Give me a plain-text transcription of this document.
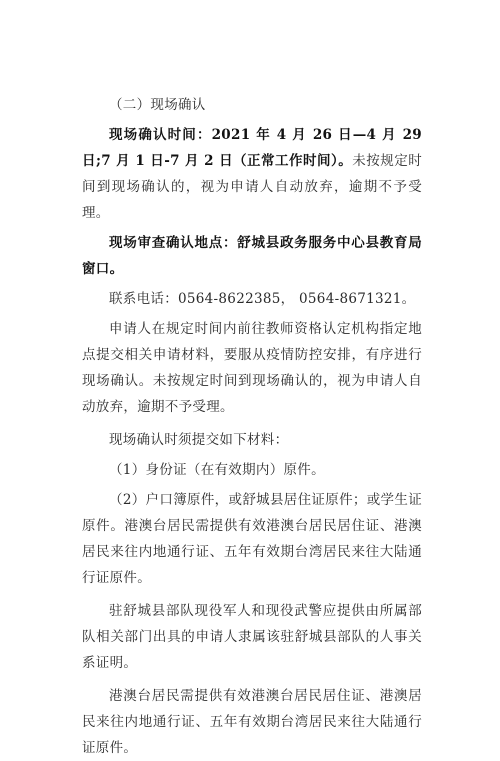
（二）现场确认

现场确认时间：2021 年 4 月 26 日—4 月 29 日;7 月 1 日-7 月 2 日（正常工作时间）。未按规定时间到现场确认的，视为申请人自动放弃，逾期不予受理。

现场审查确认地点：舒城县政务服务中心县教育局窗口。

联系电话：0564-8622385， 0564-8671321。

申请人在规定时间内前往教师资格认定机构指定地点提交相关申请材料，要服从疫情防控安排，有序进行现场确认。未按规定时间到现场确认的，视为申请人自动放弃，逾期不予受理。

现场确认时须提交如下材料：

（1）身份证（在有效期内）原件。

（2）户口簿原件，或舒城县居住证原件；或学生证原件。港澳台居民需提供有效港澳台居民居住证、港澳居民来往内地通行证、五年有效期台湾居民来往大陆通行证原件。

驻舒城县部队现役军人和现役武警应提供由所属部队相关部门出具的申请人隶属该驻舒城县部队的人事关系证明。

港澳台居民需提供有效港澳台居民居住证、港澳居民来往内地通行证、五年有效期台湾居民来往大陆通行证原件。
